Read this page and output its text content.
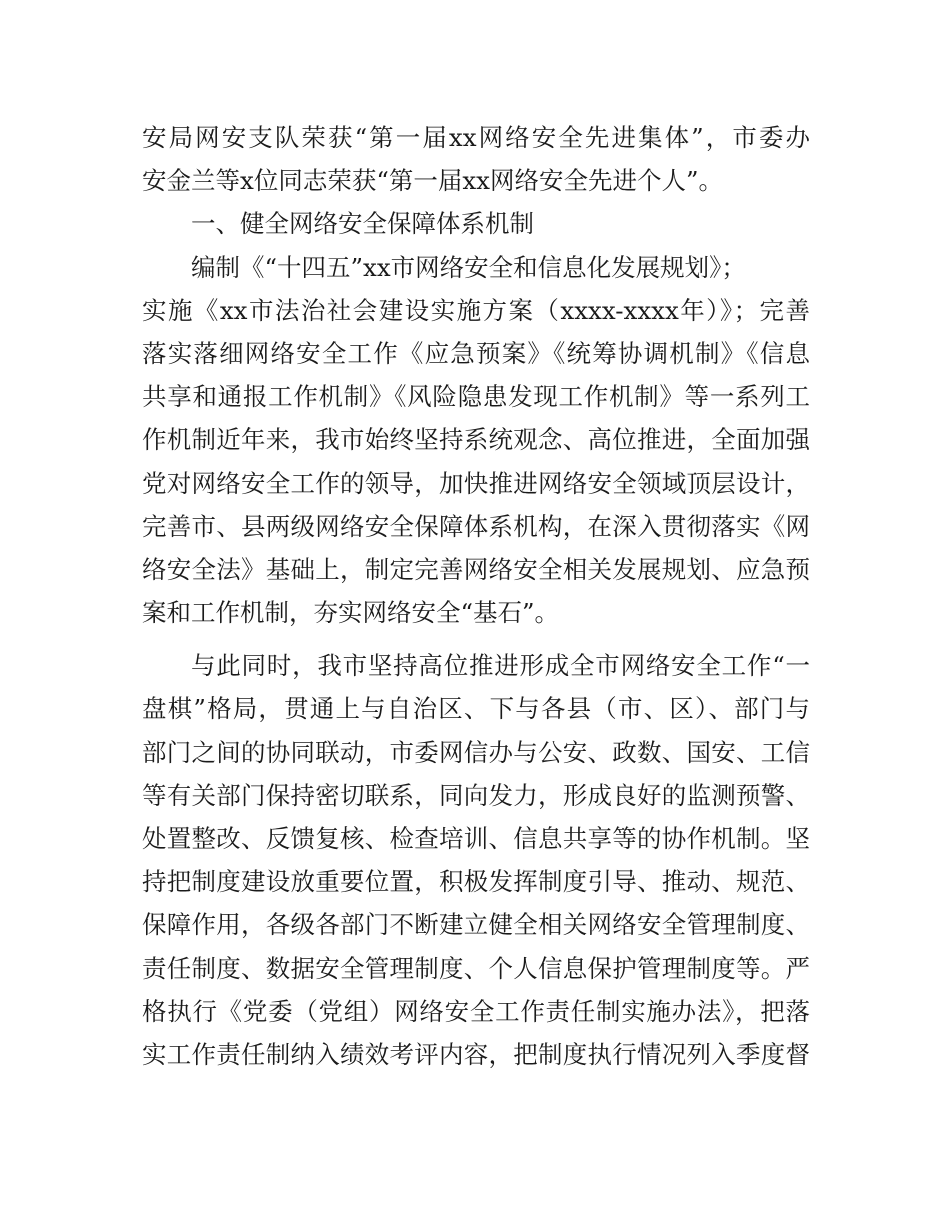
安局网安支队荣获“第一届xx网络安全先进集体”，市委办
安金兰等x位同志荣获“第一届xx网络安全先进个人”。
一、健全网络安全保障体系机制
编制《“十四五”xx市网络安全和信息化发展规划》；
实施《xx市法治社会建设实施方案（xxxx-xxxx年）》；完善
落实落细网络安全工作《应急预案》《统筹协调机制》《信息
共享和通报工作机制》《风险隐患发现工作机制》等一系列工
作机制近年来，我市始终坚持系统观念、高位推进，全面加强
党对网络安全工作的领导，加快推进网络安全领域顶层设计，
完善市、县两级网络安全保障体系机构，在深入贯彻落实《网
络安全法》基础上，制定完善网络安全相关发展规划、应急预
案和工作机制，夯实网络安全“基石”。
与此同时，我市坚持高位推进形成全市网络安全工作“一
盘棋”格局，贯通上与自治区、下与各县（市、区）、部门与
部门之间的协同联动，市委网信办与公安、政数、国安、工信
等有关部门保持密切联系，同向发力，形成良好的监测预警、
处置整改、反馈复核、检查培训、信息共享等的协作机制。坚
持把制度建设放重要位置，积极发挥制度引导、推动、规范、
保障作用，各级各部门不断建立健全相关网络安全管理制度、
责任制度、数据安全管理制度、个人信息保护管理制度等。严
格执行《党委（党组）网络安全工作责任制实施办法》，把落
实工作责任制纳入绩效考评内容，把制度执行情况列入季度督
